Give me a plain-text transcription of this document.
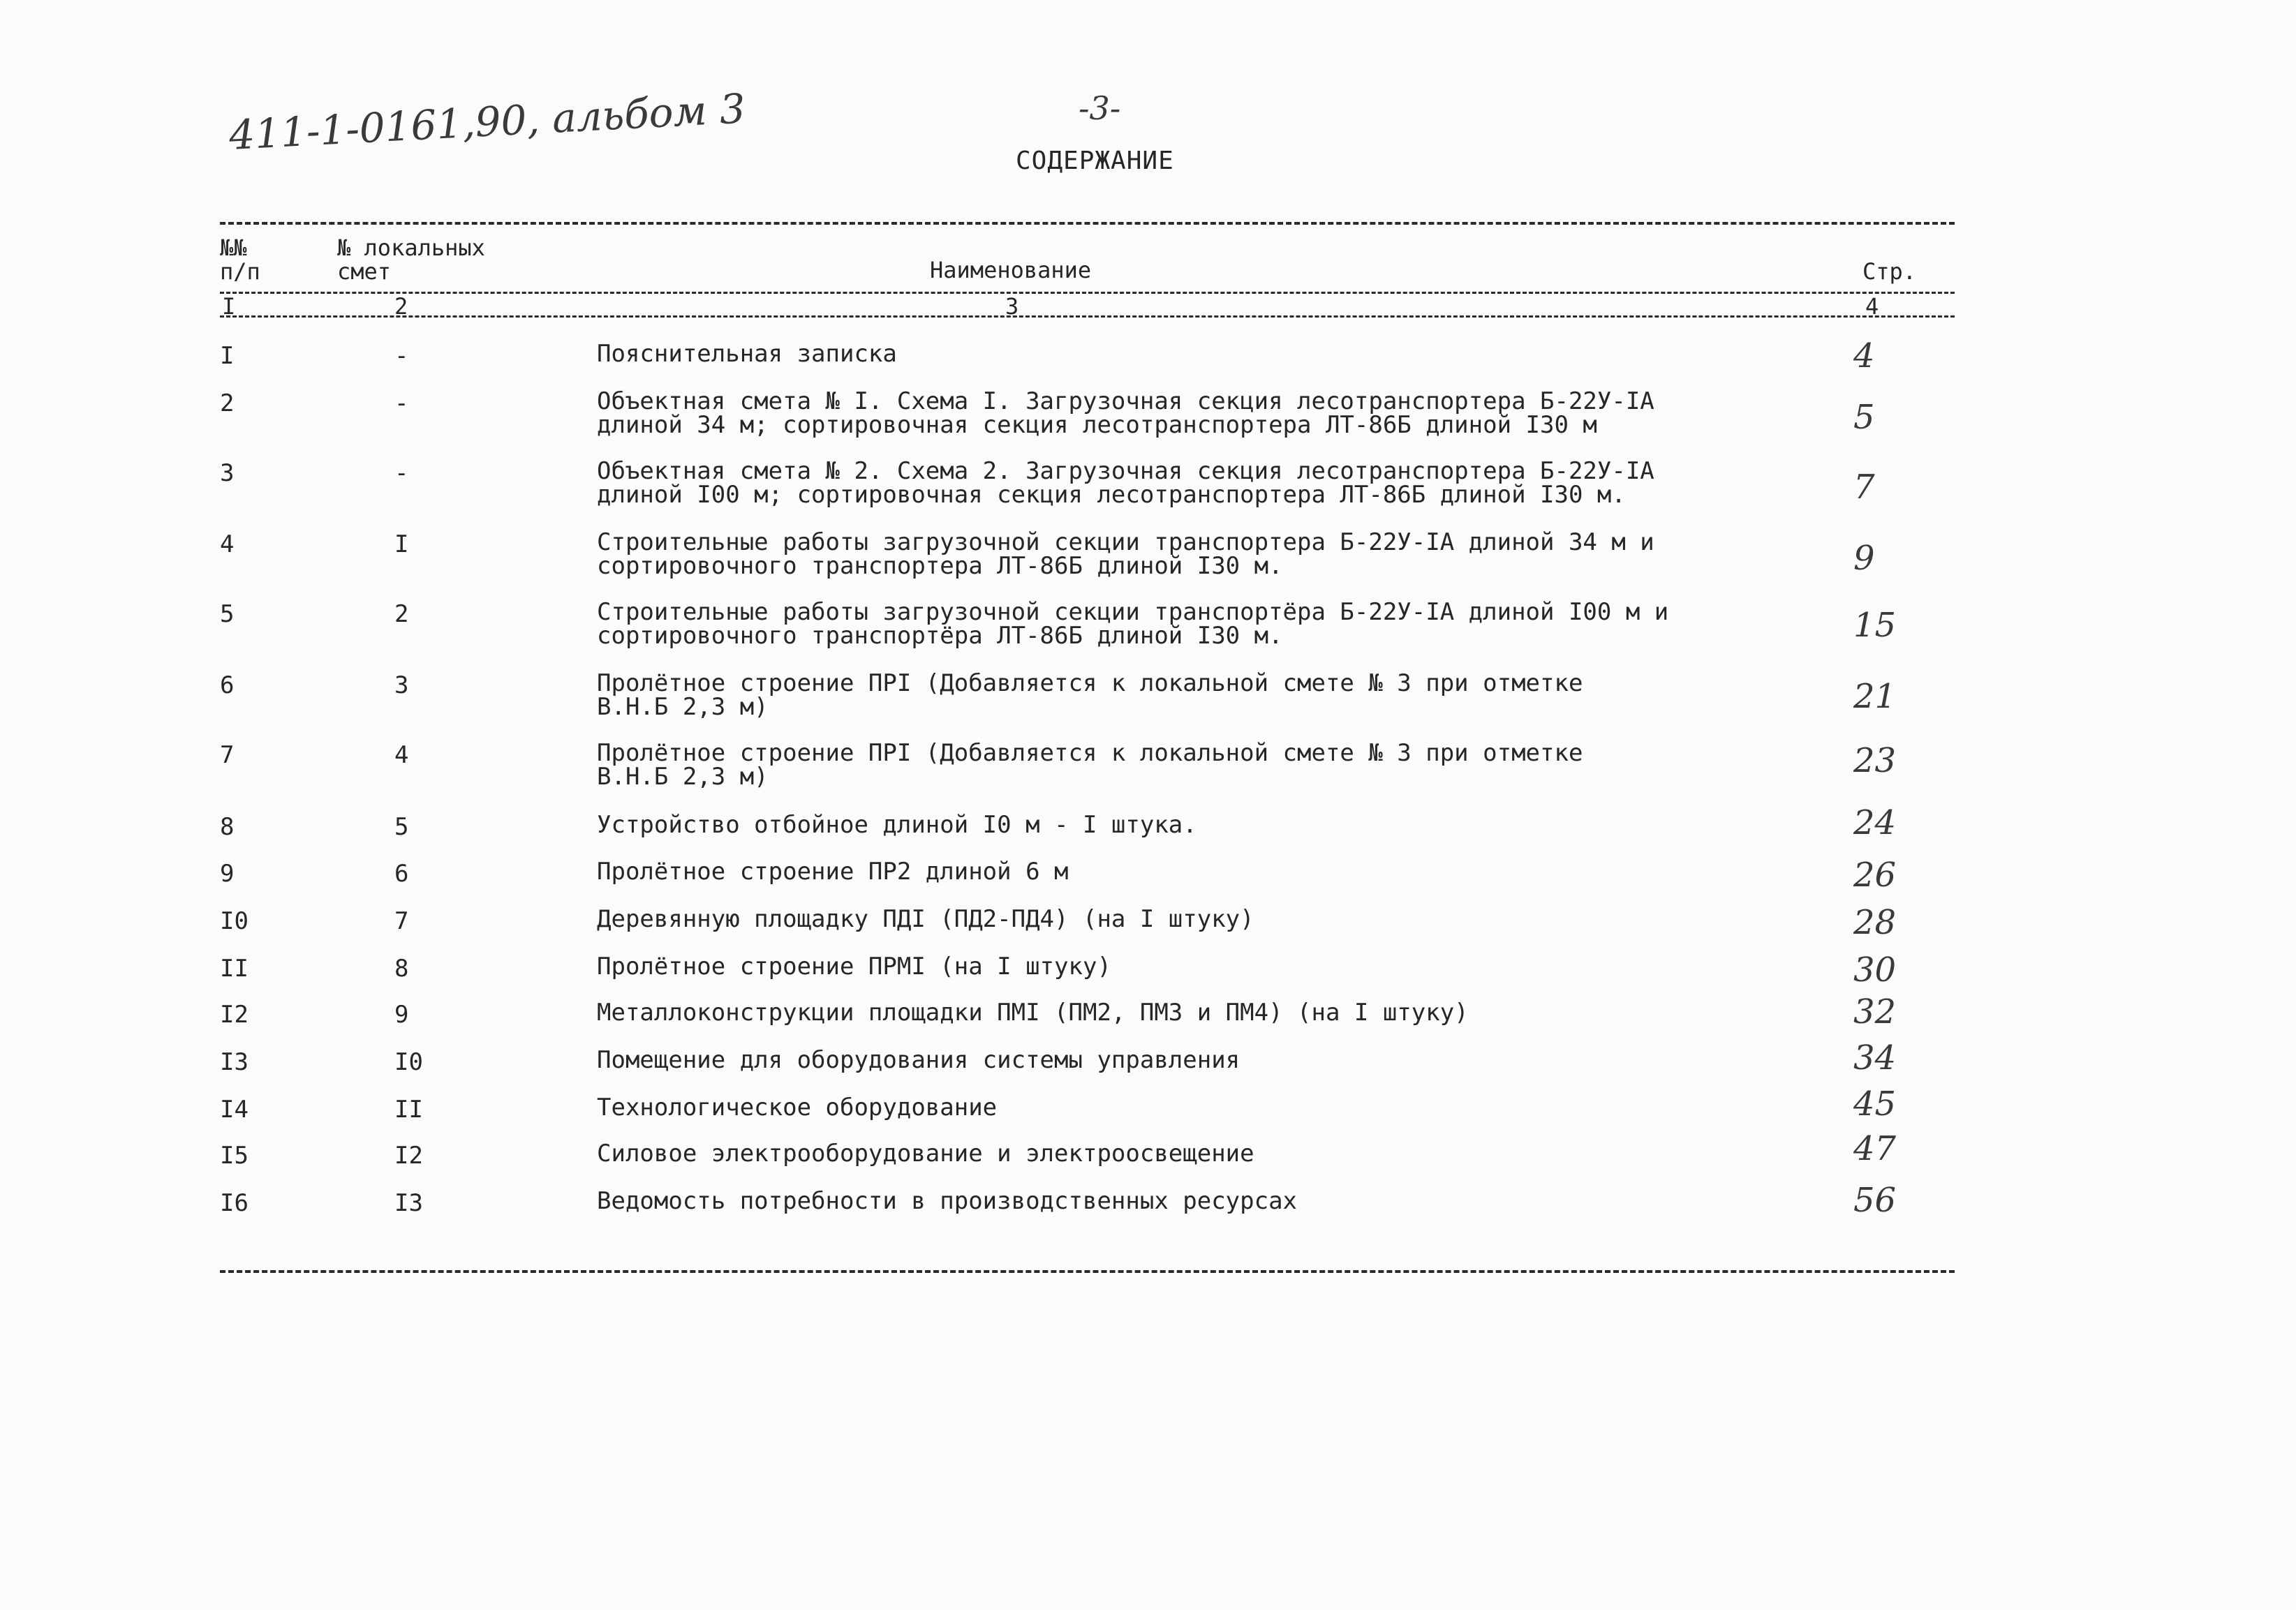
411-1-0161,90, альбом 3	-3-
СОДЕРЖАНИЕ
№№
п/п
№ локальных
смет	Наименование	Стр.
I	2	3	4
I	-	Пояснительная записка	4
2	-	Объектная смета № I. Схема I. Загрузочная секция лесотранспортера Б-22У-IА
длиной 34 м; сортировочная секция лесотранспортера ЛТ-86Б длиной I30 м	5
3	-	Объектная смета № 2. Схема 2. Загрузочная секция лесотранспортера Б-22У-IА
длиной I00 м; сортировочная секция лесотранспортера ЛТ-86Б длиной I30 м.	7
4	I	Строительные работы загрузочной секции транспортера Б-22У-IА длиной 34 м и
сортировочного транспортера ЛТ-86Б длиной I30 м.	9
5	2	Строительные работы загрузочной секции транспортёра Б-22У-IА длиной I00 м и
сортировочного транспортёра ЛТ-86Б длиной I30 м.	15
6	3	Пролётное строение ПРI (Добавляется к локальной смете № 3 при отметке
В.Н.Б 2,3 м)	21
7	4	Пролётное строение ПРI (Добавляется к локальной смете № 3 при отметке
В.Н.Б 2,3 м)	23
8	5	Устройство отбойное длиной I0 м - I штука.	24
9	6	Пролётное строение ПР2 длиной 6 м	26
I0	7	Деревянную площадку ПДI (ПД2-ПД4) (на I штуку)	28
II	8	Пролётное строение ПРМI (на I штуку)	30
I2	9	Металлоконструкции площадки ПМI (ПМ2, ПМ3 и ПМ4) (на I штуку)	32
I3	I0	Помещение для оборудования системы управления	34
I4	II	Технологическое оборудование	45
I5	I2	Силовое электрооборудование и электроосвещение	47
I6	I3	Ведомость потребности в производственных ресурсах	56
